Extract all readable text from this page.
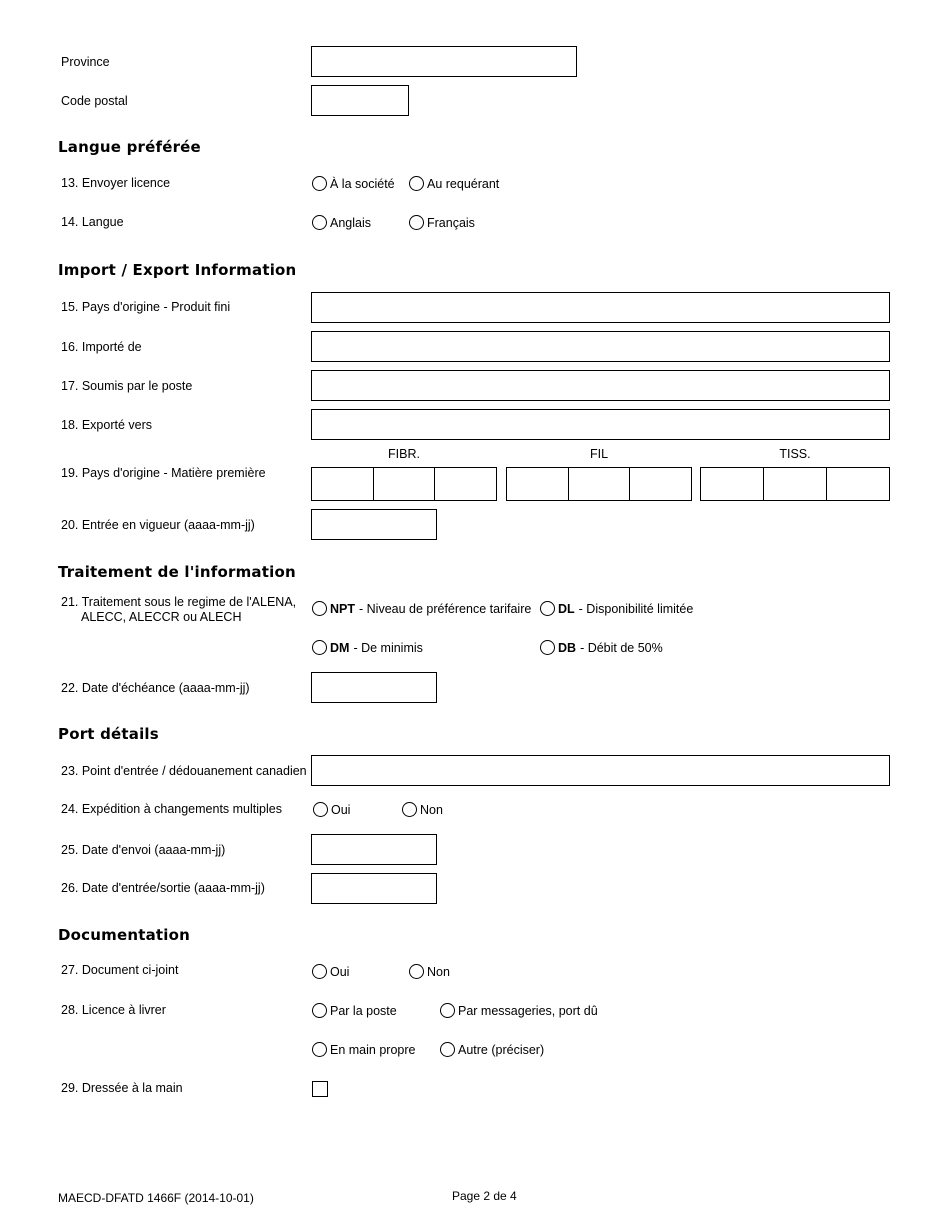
Province
Code postal
Langue préférée
13. Envoyer licence	À la société	Au requérant
14. Langue	Anglais	Français
Import / Export Information
15. Pays d'origine - Produit fini
16. Importé de
17. Soumis par le poste
18. Exporté vers
FIBR.	FIL	TISS.
19. Pays d'origine - Matière première
20. Entrée en vigueur (aaaa-mm-jj)
Traitement de l'information
21. Traitement sous le regime de l'ALENA,
ALECC, ALECCR ou ALECH
NPT - Niveau de préférence tarifaire DL - Disponibilité limitée
DM - De minimis	DB - Débit de 50%
22. Date d'échéance (aaaa-mm-jj)
Port détails
23. Point d'entrée / dédouanement canadien
24. Expédition à changements multiples	Oui	Non
25. Date d'envoi (aaaa-mm-jj)
26. Date d'entrée/sortie (aaaa-mm-jj)
Documentation
27. Document ci-joint	Oui	Non
28. Licence à livrer	Par la poste	Par messageries, port dû
En main propre	Autre (préciser)
29. Dressée à la main
MAECD-DFATD 1466F (2014-10-01)	Page 2 de 4
